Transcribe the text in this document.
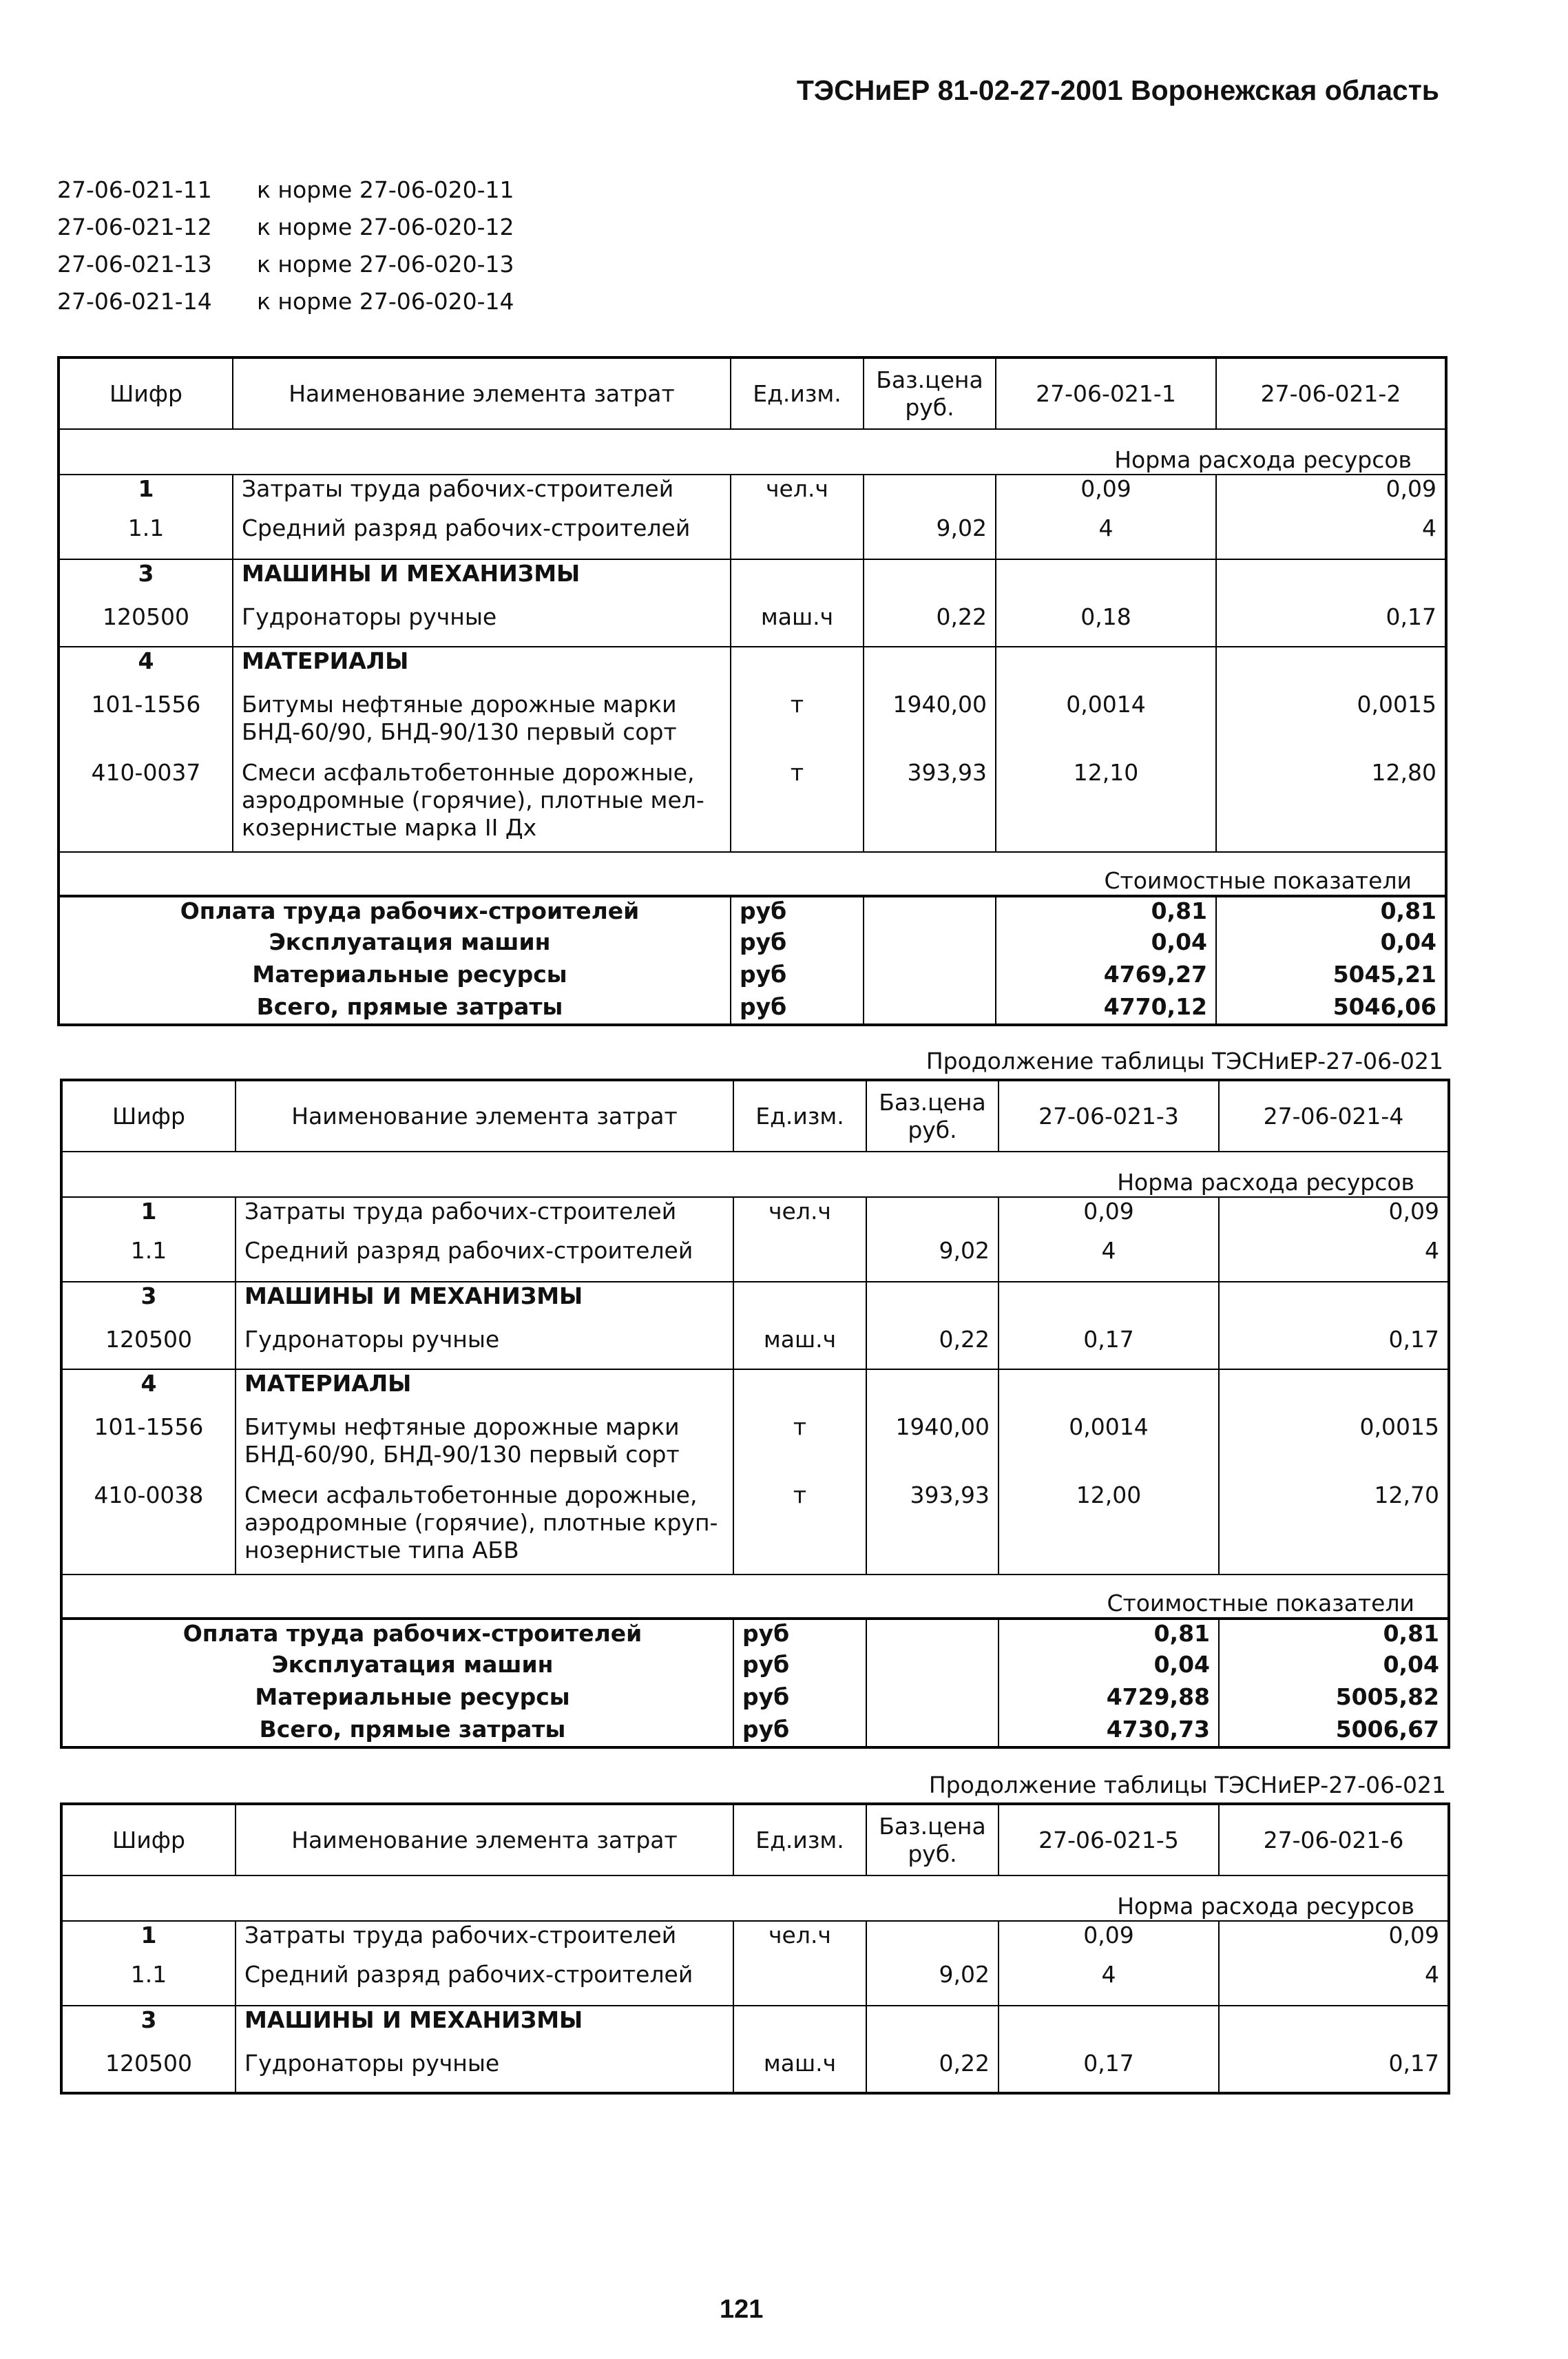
ТЭСНиЕР 81-02-27-2001 Воронежская область
27-06-021-11	к норме 27-06-020-11
27-06-021-12	к норме 27-06-020-12
27-06-021-13	к норме 27-06-020-13
27-06-021-14	к норме 27-06-020-14
Шифр	Наименование элемента затрат	Ед.изм.	Баз.цена руб.	27-06-021-1	27-06-021-2
Норма расхода ресурсов					
1	Затраты труда рабочих-строителей	чел.ч		0,09	0,09
1.1	Средний разряд рабочих-строителей		9,02	4	4
3	МАШИНЫ И МЕХАНИЗМЫ				
120500	Гудронаторы ручные	маш.ч	0,22	0,18	0,17
4	МАТЕРИАЛЫ				
101-1556	Битумы нефтяные дорожные марки БНД-60/90, БНД-90/130 первый сорт	т	1940,00	0,0014	0,0015
410-0037	Смеси асфальтобетонные дорожные, аэродромные (горячие), плотные мел-козернистые марка II Дх	т	393,93	12,10	12,80
Стоимостные показатели					
Оплата труда рабочих-строителей		руб		0,81	0,81
Эксплуатация машин		руб		0,04	0,04
Материальные ресурсы		руб		4769,27	5045,21
Всего, прямые затраты		руб		4770,12	5046,06
Продолжение таблицы ТЭСНиЕР-27-06-021
Шифр	Наименование элемента затрат	Ед.изм.	Баз.цена руб.	27-06-021-3	27-06-021-4
Норма расхода ресурсов					
1	Затраты труда рабочих-строителей	чел.ч		0,09	0,09
1.1	Средний разряд рабочих-строителей		9,02	4	4
3	МАШИНЫ И МЕХАНИЗМЫ				
120500	Гудронаторы ручные	маш.ч	0,22	0,17	0,17
4	МАТЕРИАЛЫ				
101-1556	Битумы нефтяные дорожные марки БНД-60/90, БНД-90/130 первый сорт	т	1940,00	0,0014	0,0015
410-0038	Смеси асфальтобетонные дорожные, аэродромные (горячие), плотные круп-нозернистые типа АБВ	т	393,93	12,00	12,70
Стоимостные показатели					
Оплата труда рабочих-строителей		руб		0,81	0,81
Эксплуатация машин		руб		0,04	0,04
Материальные ресурсы		руб		4729,88	5005,82
Всего, прямые затраты		руб		4730,73	5006,67
Продолжение таблицы ТЭСНиЕР-27-06-021
Шифр	Наименование элемента затрат	Ед.изм.	Баз.цена руб.	27-06-021-5	27-06-021-6
Норма расхода ресурсов					
1	Затраты труда рабочих-строителей	чел.ч		0,09	0,09
1.1	Средний разряд рабочих-строителей		9,02	4	4
3	МАШИНЫ И МЕХАНИЗМЫ				
120500	Гудронаторы ручные	маш.ч	0,22	0,17	0,17
121
